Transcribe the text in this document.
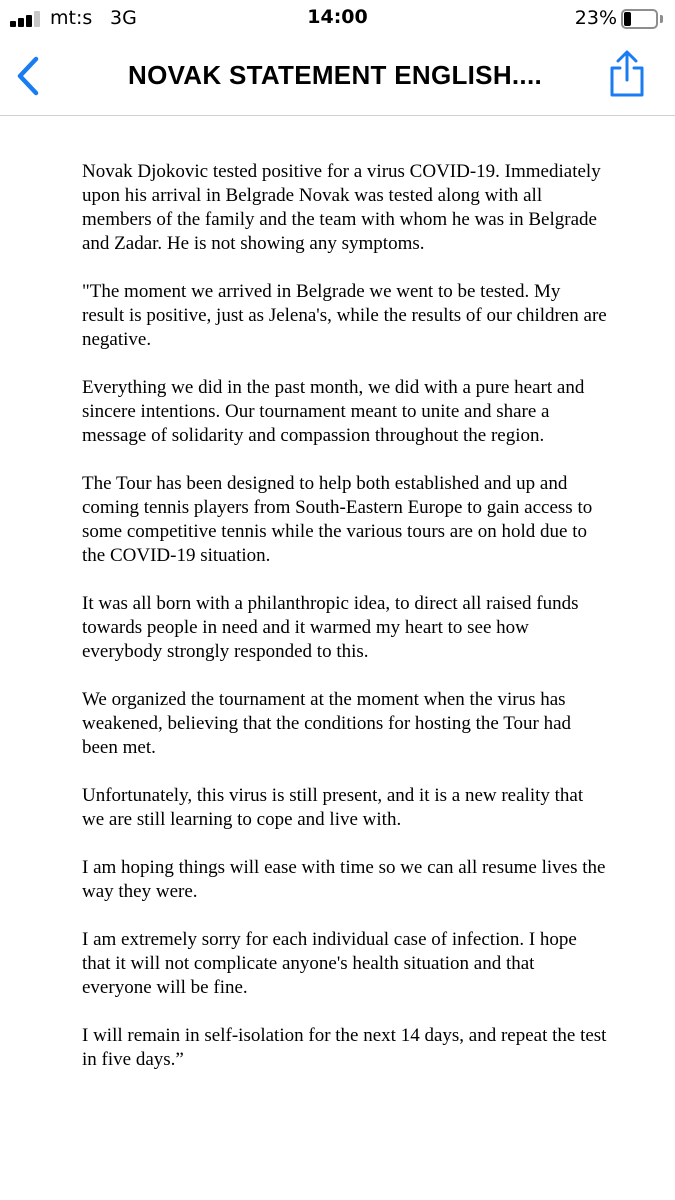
mt:s 3G	14:00	23%
NOVAK STATEMENT ENGLISH....

Novak Djokovic tested positive for a virus COVID-19. Immediately upon his arrival in Belgrade Novak was tested along with all members of the family and the team with whom he was in Belgrade and Zadar. He is not showing any symptoms.

"The moment we arrived in Belgrade we went to be tested. My result is positive, just as Jelena's, while the results of our children are negative.

Everything we did in the past month, we did with a pure heart and sincere intentions. Our tournament meant to unite and share a message of solidarity and compassion throughout the region.

The Tour has been designed to help both established and up and coming tennis players from South-Eastern Europe to gain access to some competitive tennis while the various tours are on hold due to the COVID-19 situation.

It was all born with a philanthropic idea, to direct all raised funds towards people in need and it warmed my heart to see how everybody strongly responded to this.

We organized the tournament at the moment when the virus has weakened, believing that the conditions for hosting the Tour had been met.

Unfortunately, this virus is still present, and it is a new reality that we are still learning to cope and live with.

I am hoping things will ease with time so we can all resume lives the way they were.

I am extremely sorry for each individual case of infection. I hope that it will not complicate anyone's health situation and that everyone will be fine.

I will remain in self-isolation for the next 14 days, and repeat the test in five days.”
